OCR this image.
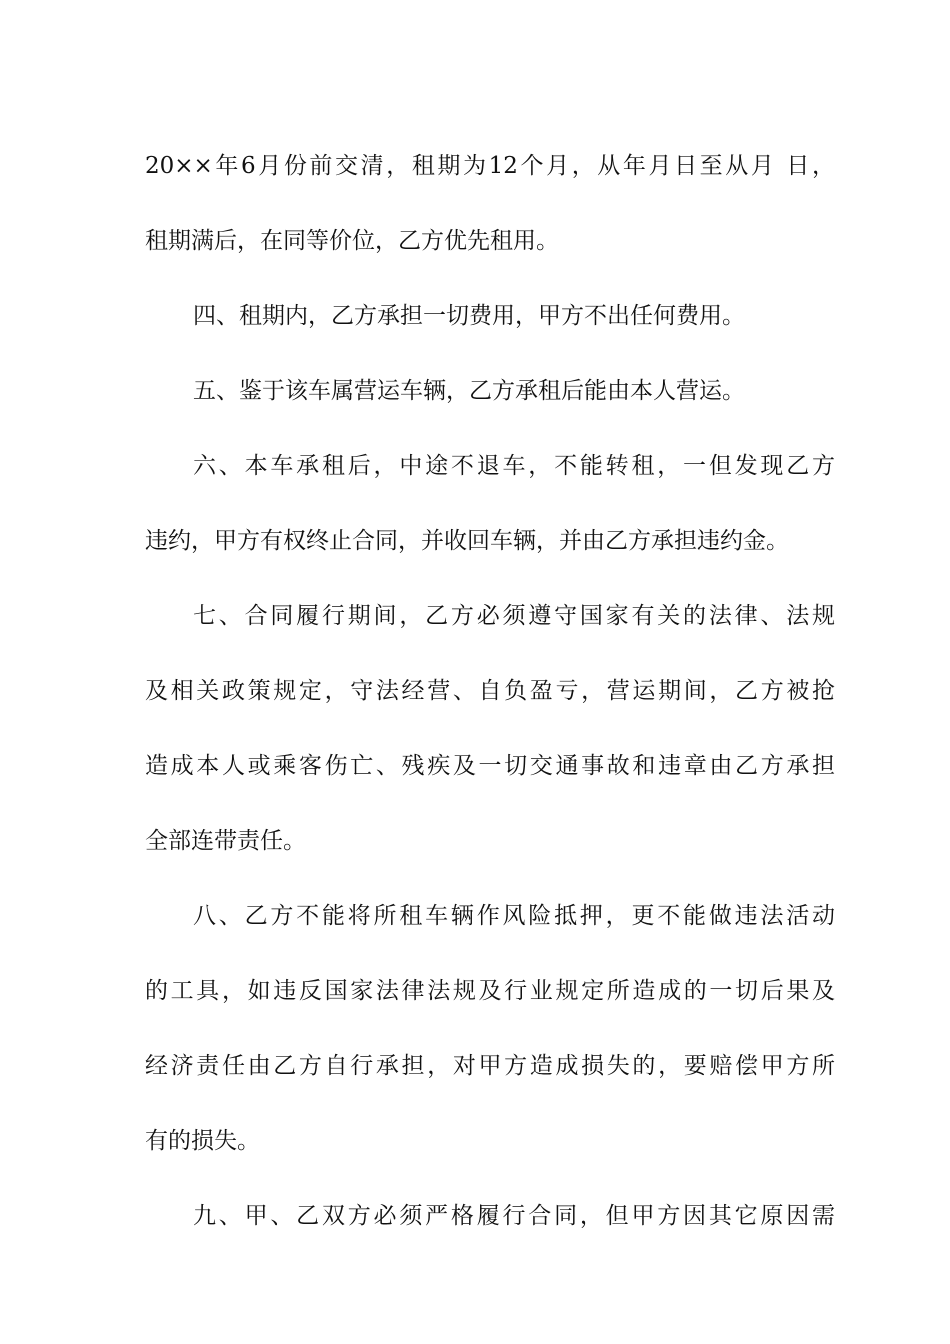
20××年6月份前交清，租期为12个月，从年月日至从月 日，
租期满后，在同等价位，乙方优先租用。
四、租期内，乙方承担一切费用，甲方不出任何费用。
五、鉴于该车属营运车辆，乙方承租后能由本人营运。
六、本车承租后，中途不退车，不能转租，一但发现乙方
违约，甲方有权终止合同，并收回车辆，并由乙方承担违约金。
七、合同履行期间，乙方必须遵守国家有关的法律、法规
及相关政策规定，守法经营、自负盈亏，营运期间，乙方被抢
造成本人或乘客伤亡、残疾及一切交通事故和违章由乙方承担
全部连带责任。
八、乙方不能将所租车辆作风险抵押，更不能做违法活动
的工具，如违反国家法律法规及行业规定所造成的一切后果及
经济责任由乙方自行承担，对甲方造成损失的，要赔偿甲方所
有的损失。
九、甲、乙双方必须严格履行合同，但甲方因其它原因需
